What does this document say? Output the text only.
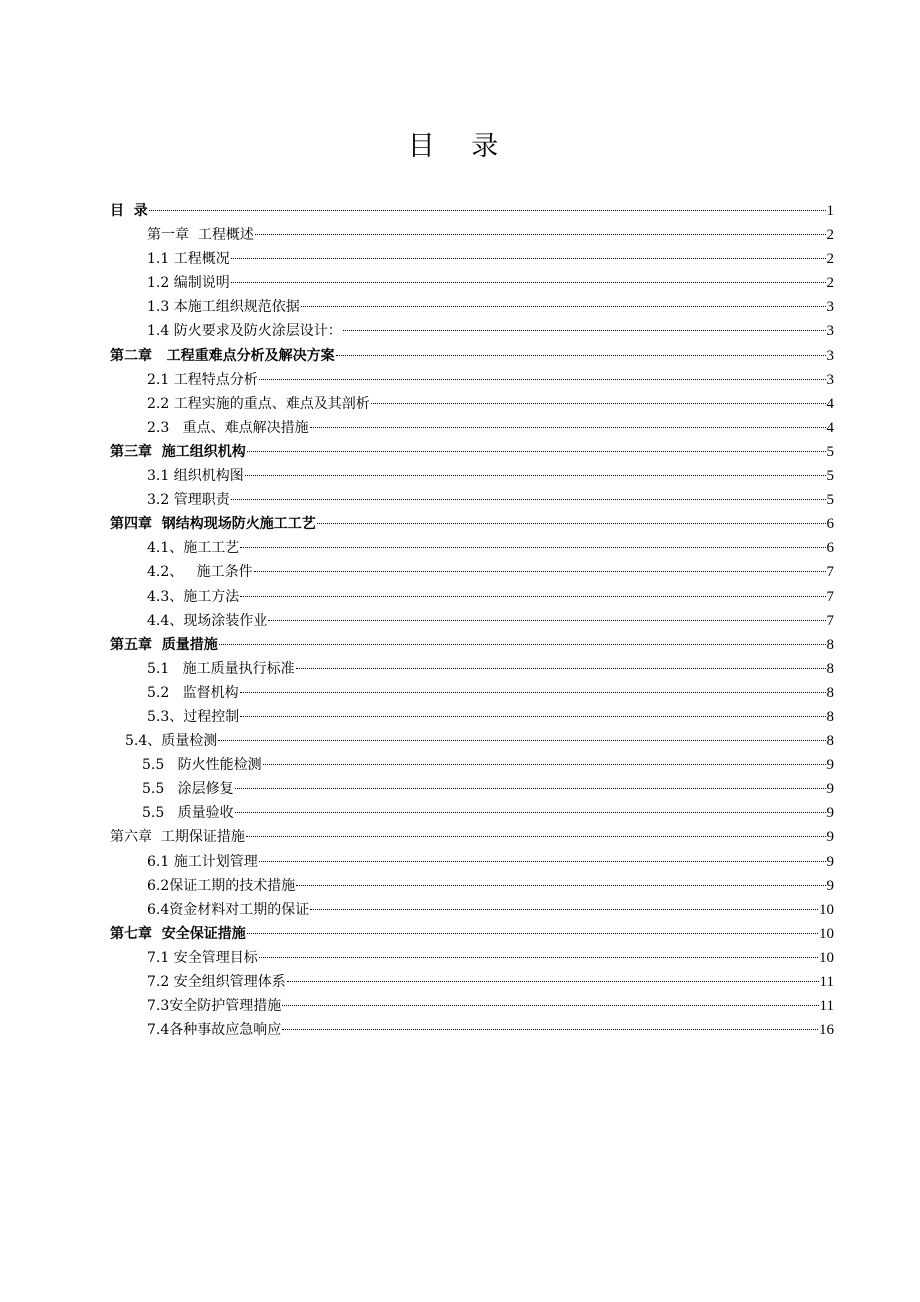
目 录
目  录	1
第一章  工程概述	2
1.1 工程概况	2
1.2 编制说明	2
1.3 本施工组织规范依据	3
1.4 防火要求及防火涂层设计：	3
第二章   工程重难点分析及解决方案	3
2.1 工程特点分析	3
2.2 工程实施的重点、难点及其剖析	4
2.3   重点、难点解决措施	4
第三章  施工组织机构	5
3.1 组织机构图	5
3.2 管理职责	5
第四章  钢结构现场防火施工工艺	6
4.1、施工工艺	6
4.2、   施工条件	7
4.3、施工方法	7
4.4、现场涂装作业	7
第五章  质量措施	8
5.1   施工质量执行标准	8
5.2   监督机构	8
5.3、过程控制	8
5.4、质量检测	8
5.5   防火性能检测	9
5.5   涂层修复	9
5.5   质量验收	9
第六章  工期保证措施	9
6.1 施工计划管理	9
6.2保证工期的技术措施	9
6.4资金材料对工期的保证	10
第七章  安全保证措施	10
7.1 安全管理目标	10
7.2 安全组织管理体系	11
7.3安全防护管理措施	11
7.4各种事故应急响应	16
